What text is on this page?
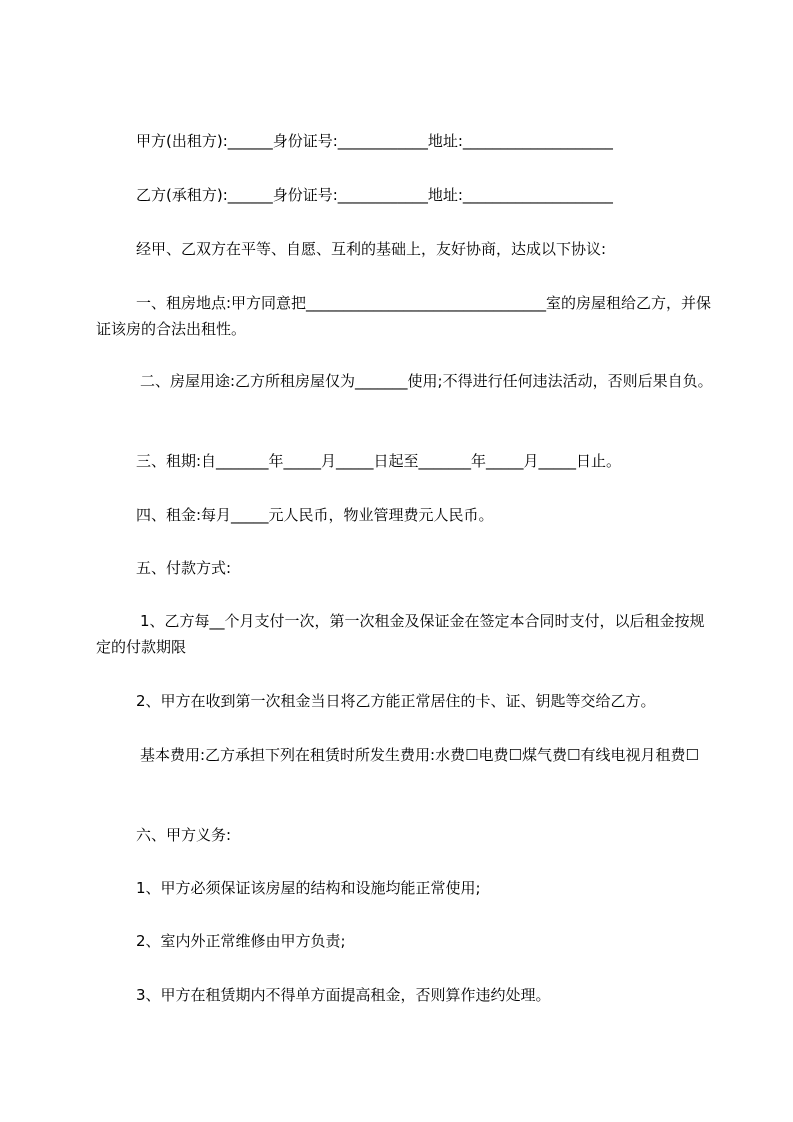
甲方(出租方):______身份证号:____________地址:____________________

乙方(承租方):______身份证号:____________地址:____________________

经甲、乙双方在平等、自愿、互利的基础上，友好协商，达成以下协议:

一、租房地点:甲方同意把________________________________室的房屋租给乙方，并保证该房的合法出租性。

二、房屋用途:乙方所租房屋仅为_______使用;不得进行任何违法活动，否则后果自负。

三、租期:自_______年_____月_____日起至_______年_____月_____日止。

四、租金:每月_____元人民币，物业管理费元人民币。

五、付款方式:

1、乙方每__个月支付一次，第一次租金及保证金在签定本合同时支付，以后租金按规定的付款期限

2、甲方在收到第一次租金当日将乙方能正常居住的卡、证、钥匙等交给乙方。

基本费用:乙方承担下列在租赁时所发生费用:水费☐电费☐煤气费☐有线电视月租费☐

六、甲方义务:

1、甲方必须保证该房屋的结构和设施均能正常使用;

2、室内外正常维修由甲方负责;

3、甲方在租赁期内不得单方面提高租金，否则算作违约处理。
